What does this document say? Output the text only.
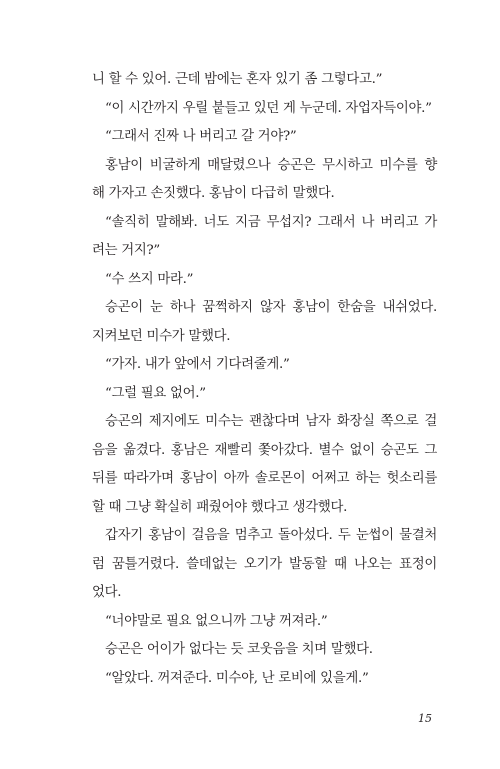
니 할 수 있어. 근데 밤에는 혼자 있기 좀 그렇다고.”
“이 시간까지 우릴 붙들고 있던 게 누군데. 자업자득이야.”
“그래서 진짜 나 버리고 갈 거야?”
홍남이 비굴하게 매달렸으나 승곤은 무시하고 미수를 향
해 가자고 손짓했다. 홍남이 다급히 말했다.
“솔직히 말해봐. 너도 지금 무섭지? 그래서 나 버리고 가
려는 거지?”
“수 쓰지 마라.”
승곤이 눈 하나 꿈쩍하지 않자 홍남이 한숨을 내쉬었다.
지켜보던 미수가 말했다.
“가자. 내가 앞에서 기다려줄게.”
“그럴 필요 없어.”
승곤의 제지에도 미수는 괜찮다며 남자 화장실 쪽으로 걸
음을 옮겼다. 홍남은 재빨리 쫓아갔다. 별수 없이 승곤도 그
뒤를 따라가며 홍남이 아까 솔로몬이 어쩌고 하는 헛소리를
할 때 그냥 확실히 패줬어야 했다고 생각했다.
갑자기 홍남이 걸음을 멈추고 돌아섰다. 두 눈썹이 물결처
럼 꿈틀거렸다. 쓸데없는 오기가 발동할 때 나오는 표정이
었다.
“너야말로 필요 없으니까 그냥 꺼져라.”
승곤은 어이가 없다는 듯 코웃음을 치며 말했다.
“알았다. 꺼져준다. 미수야, 난 로비에 있을게.”
15
